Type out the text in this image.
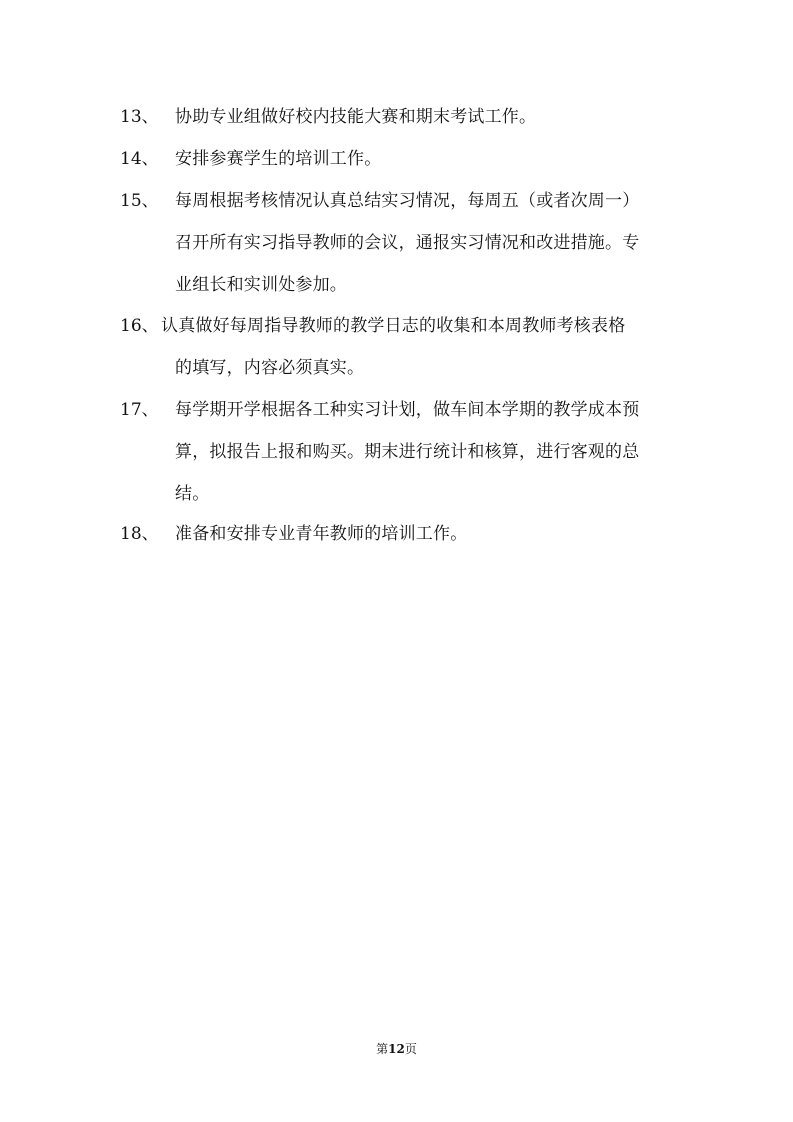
13、 协助专业组做好校内技能大赛和期末考试工作。
14、 安排参赛学生的培训工作。
15、 每周根据考核情况认真总结实习情况，每周五（或者次周一）
召开所有实习指导教师的会议，通报实习情况和改进措施。专
业组长和实训处参加。
16、 认真做好每周指导教师的教学日志的收集和本周教师考核表格
的填写，内容必须真实。
17、 每学期开学根据各工种实习计划，做车间本学期的教学成本预
算，拟报告上报和购买。期末进行统计和核算，进行客观的总
结。
18、 准备和安排专业青年教师的培训工作。
第12页
